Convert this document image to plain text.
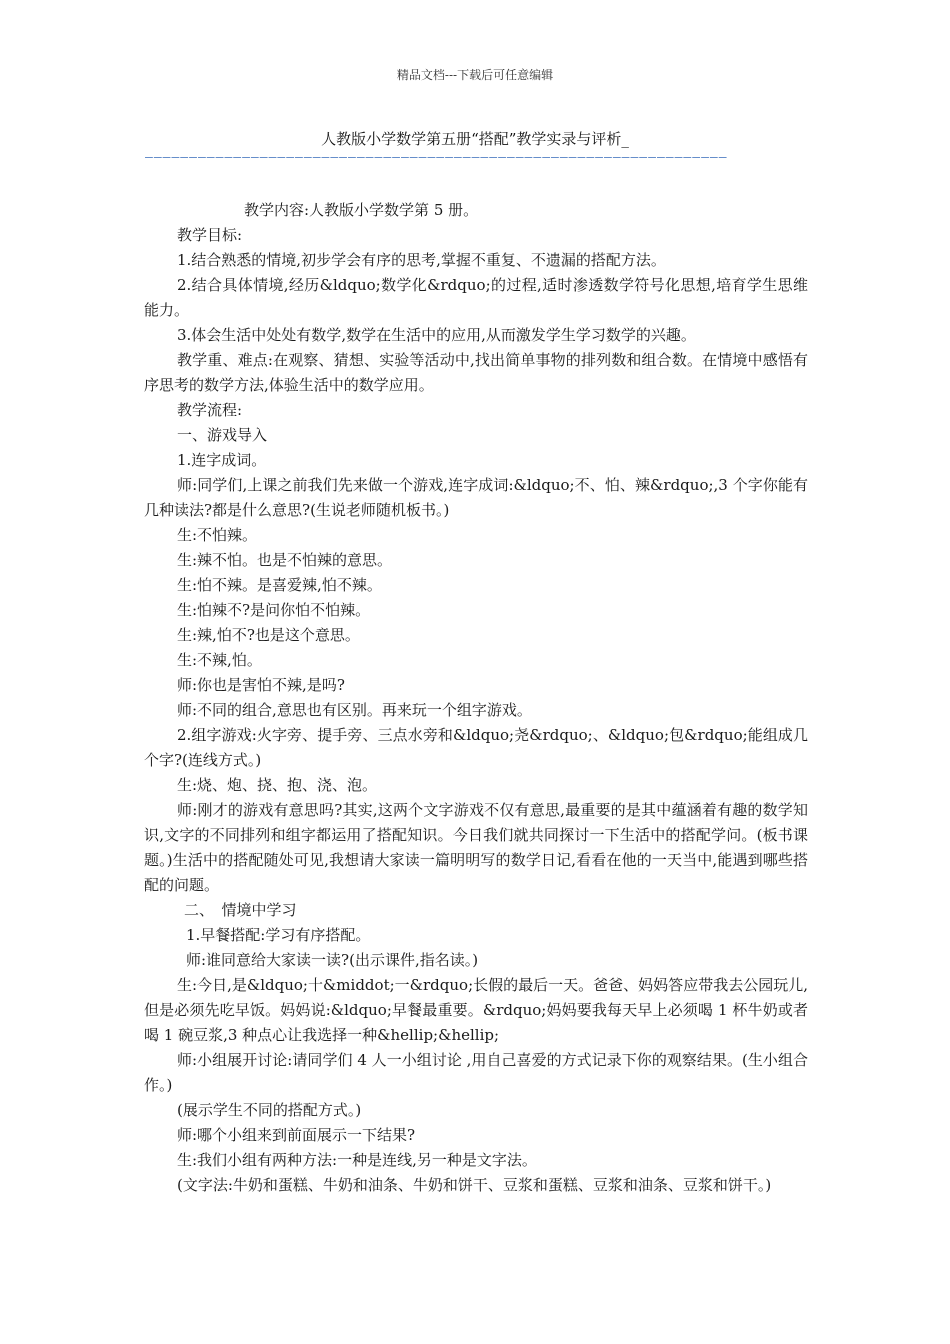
精品文档---下载后可任意编辑
人教版小学数学第五册“搭配”教学实录与评析_
——————————————————————————————————————————————————————————————————

教学内容:人教版小学数学第 5 册。

教学目标:

1.结合熟悉的情境,初步学会有序的思考,掌握不重复、不遗漏的搭配方法。

2.结合具体情境,经历&ldquo;数学化&rdquo;的过程,适时渗透数学符号化思想,培育学生思维能力。

3.体会生活中处处有数学,数学在生活中的应用,从而激发学生学习数学的兴趣。

教学重、难点:在观察、猜想、实验等活动中,找出简单事物的排列数和组合数。在情境中感悟有序思考的数学方法,体验生活中的数学应用。

教学流程:

一、游戏导入

1.连字成词。

师:同学们,上课之前我们先来做一个游戏,连字成词:&ldquo;不、怕、辣&rdquo;,3 个字你能有几种读法?都是什么意思?(生说老师随机板书。)

生:不怕辣。

生:辣不怕。也是不怕辣的意思。

生:怕不辣。是喜爱辣,怕不辣。

生:怕辣不?是问你怕不怕辣。

生:辣,怕不?也是这个意思。

生:不辣,怕。

师:你也是害怕不辣,是吗?

师:不同的组合,意思也有区别。再来玩一个组字游戏。

2.组字游戏:火字旁、提手旁、三点水旁和&ldquo;尧&rdquo;、&ldquo;包&rdquo;能组成几个字?(连线方式。)

生:烧、炮、挠、抱、浇、泡。

师:刚才的游戏有意思吗?其实,这两个文字游戏不仅有意思,最重要的是其中蕴涵着有趣的数学知识,文字的不同排列和组字都运用了搭配知识。今日我们就共同探讨一下生活中的搭配学问。(板书课题。)生活中的搭配随处可见,我想请大家读一篇明明写的数学日记,看看在他的一天当中,能遇到哪些搭配的问题。

二、　情境中学习

1.早餐搭配:学习有序搭配。

师:谁同意给大家读一读?(出示课件,指名读。)

生:今日,是&ldquo;十&middot;一&rdquo;长假的最后一天。爸爸、妈妈答应带我去公园玩儿,但是必须先吃早饭。妈妈说:&ldquo;早餐最重要。&rdquo;妈妈要我每天早上必须喝 1 杯牛奶或者喝 1 碗豆浆,3 种点心让我选择一种&hellip;&hellip;

师:小组展开讨论:请同学们 4 人一小组讨论 ,用自己喜爱的方式记录下你的观察结果。(生小组合作。)

(展示学生不同的搭配方式。)

师:哪个小组来到前面展示一下结果?

生:我们小组有两种方法:一种是连线,另一种是文字法。

(文字法:牛奶和蛋糕、牛奶和油条、牛奶和饼干、豆浆和蛋糕、豆浆和油条、豆浆和饼干。)
